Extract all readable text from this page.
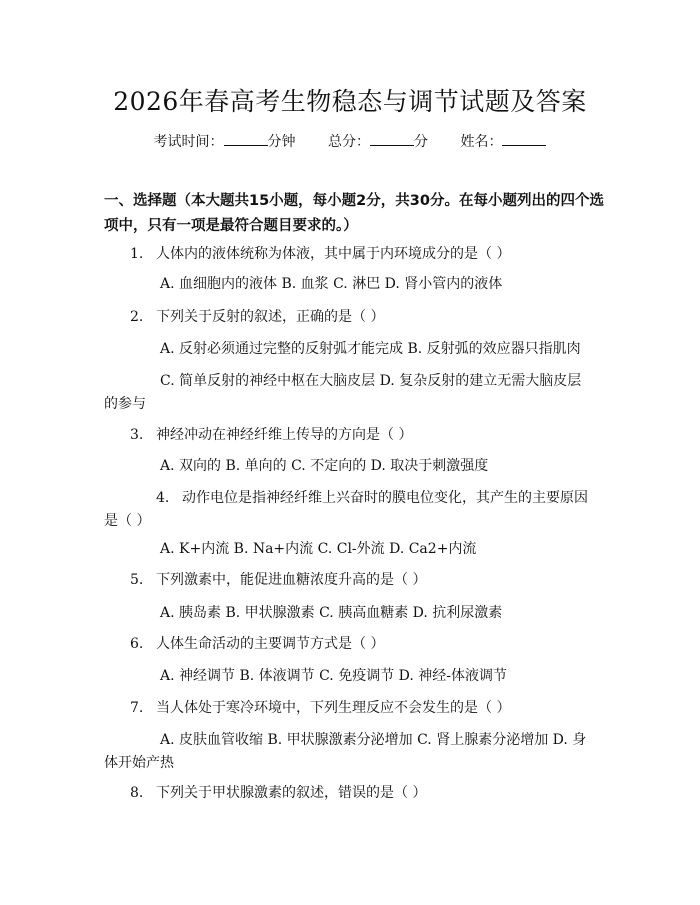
2026年春高考生物稳态与调节试题及答案
考试时间：	分钟 总分：	分 姓名：
一、选择题（本大题共15小题，每小题2分，共30分。在每小题列出的四个选项中，只有一项是最符合题目要求的。）
1. 人体内的液体统称为体液，其中属于内环境成分的是（ ）
A. 血细胞内的液体 B. 血浆 C. 淋巴 D. 肾小管内的液体
2. 下列关于反射的叙述，正确的是（ ）
A. 反射必须通过完整的反射弧才能完成 B. 反射弧的效应器只指肌肉
C. 简单反射的神经中枢在大脑皮层 D. 复杂反射的建立无需大脑皮层的参与
3. 神经冲动在神经纤维上传导的方向是（ ）
A. 双向的 B. 单向的 C. 不定向的 D. 取决于刺激强度
4. 动作电位是指神经纤维上兴奋时的膜电位变化，其产生的主要原因是（ ）
A. K+内流 B. Na+内流 C. Cl-外流 D. Ca2+内流
5. 下列激素中，能促进血糖浓度升高的是（ ）
A. 胰岛素 B. 甲状腺激素 C. 胰高血糖素 D. 抗利尿激素
6. 人体生命活动的主要调节方式是（ ）
A. 神经调节 B. 体液调节 C. 免疫调节 D. 神经-体液调节
7. 当人体处于寒冷环境中，下列生理反应不会发生的是（ ）
A. 皮肤血管收缩 B. 甲状腺激素分泌增加 C. 肾上腺素分泌增加 D. 身体开始产热
8. 下列关于甲状腺激素的叙述，错误的是（ ）
